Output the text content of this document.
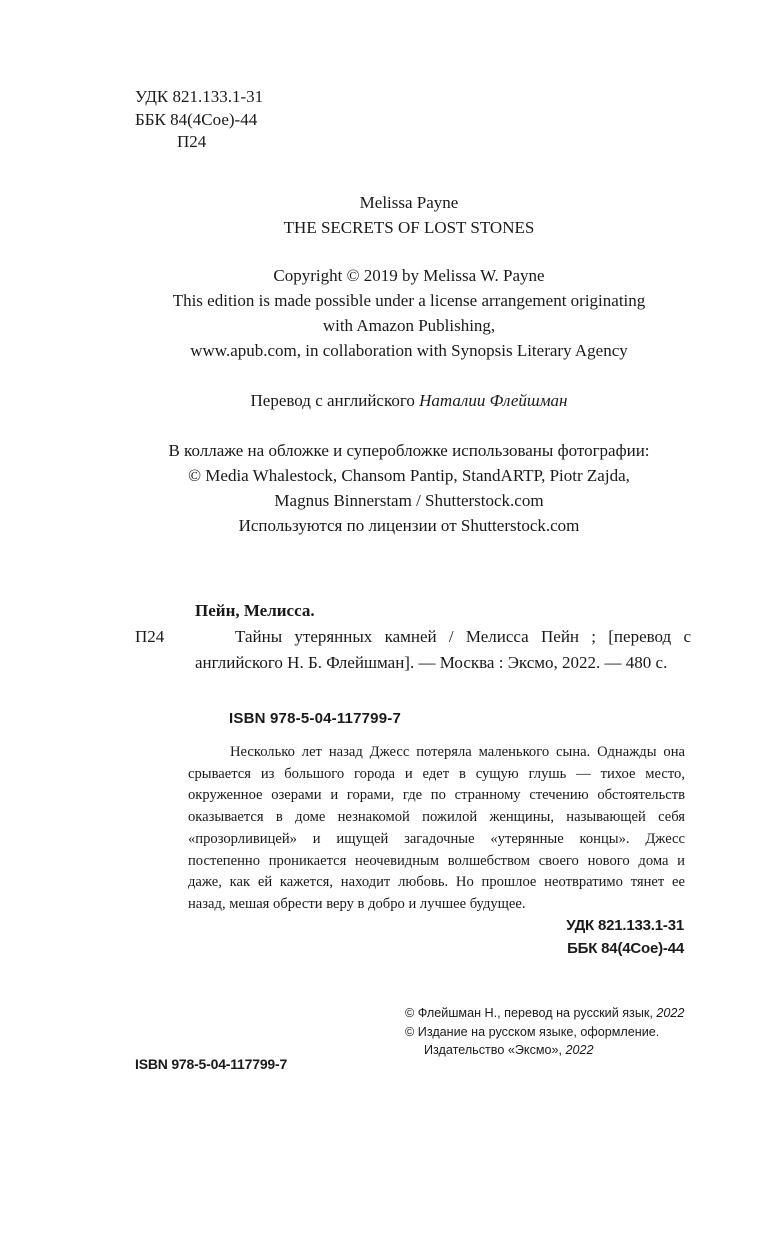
УДК 821.133.1-31
ББК 84(4Сое)-44
П24
Melissa Payne
THE SECRETS OF LOST STONES
Copyright © 2019 by Melissa W. Payne
This edition is made possible under a license arrangement originating
with Amazon Publishing,
www.apub.com, in collaboration with Synopsis Literary Agency
Перевод с английского Наталии Флейшман
В коллаже на обложке и суперобложке использованы фотографии:
© Media Whalestock, Chansom Pantip, StandARTP, Piotr Zajda,
Magnus Binnerstam / Shutterstock.com
Используются по лицензии от Shutterstock.com
Пейн, Мелисса.
П24	Тайны утерянных камней / Мелисса Пейн ; [перевод с английского Н. Б. Флейшман]. — Москва : Эксмо, 2022. — 480 с.
ISBN 978-5-04-117799-7
Несколько лет назад Джесс потеряла маленького сына. Однажды она срывается из большого города и едет в сущую глушь — тихое место, окруженное озерами и горами, где по странному стечению обстоятельств оказывается в доме незнакомой пожилой женщины, называющей себя «прозорливицей» и ищущей загадочные «утерянные концы». Джесс постепенно проникается неочевидным волшебством своего нового дома и даже, как ей кажется, находит любовь. Но прошлое неотвратимо тянет ее назад, мешая обрести веру в добро и лучшее будущее.
УДК 821.133.1-31
ББК 84(4Сое)-44
© Флейшман Н., перевод на русский язык, 2022
© Издание на русском языке, оформление. Издательство «Эксмо», 2022
ISBN 978-5-04-117799-7
